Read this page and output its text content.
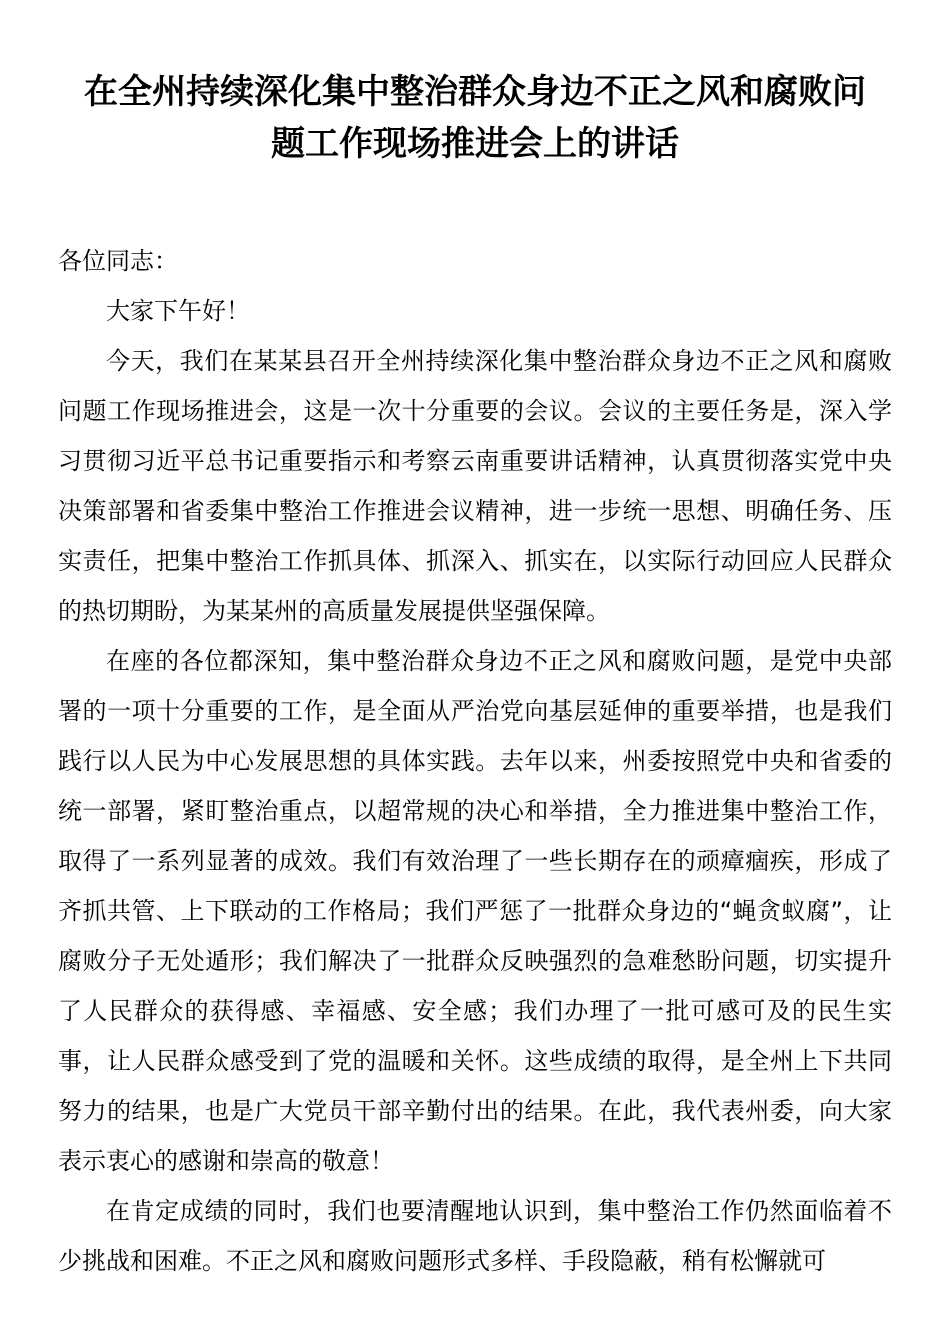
在全州持续深化集中整治群众身边不正之风和腐败问
题工作现场推进会上的讲话

各位同志：

大家下午好！

今天，我们在某某县召开全州持续深化集中整治群众身边不正之风和腐败问题工作现场推进会，这是一次十分重要的会议。会议的主要任务是，深入学习贯彻习近平总书记重要指示和考察云南重要讲话精神，认真贯彻落实党中央决策部署和省委集中整治工作推进会议精神，进一步统一思想、明确任务、压实责任，把集中整治工作抓具体、抓深入、抓实在，以实际行动回应人民群众的热切期盼，为某某州的高质量发展提供坚强保障。

在座的各位都深知，集中整治群众身边不正之风和腐败问题，是党中央部署的一项十分重要的工作，是全面从严治党向基层延伸的重要举措，也是我们践行以人民为中心发展思想的具体实践。去年以来，州委按照党中央和省委的统一部署，紧盯整治重点，以超常规的决心和举措，全力推进集中整治工作，取得了一系列显著的成效。我们有效治理了一些长期存在的顽瘴痼疾，形成了齐抓共管、上下联动的工作格局；我们严惩了一批群众身边的“蝇贪蚁腐”，让腐败分子无处遁形；我们解决了一批群众反映强烈的急难愁盼问题，切实提升了人民群众的获得感、幸福感、安全感；我们办理了一批可感可及的民生实事，让人民群众感受到了党的温暖和关怀。这些成绩的取得，是全州上下共同努力的结果，也是广大党员干部辛勤付出的结果。在此，我代表州委，向大家表示衷心的感谢和崇高的敬意！

在肯定成绩的同时，我们也要清醒地认识到，集中整治工作仍然面临着不少挑战和困难。不正之风和腐败问题形式多样、手段隐蔽，稍有松懈就可
